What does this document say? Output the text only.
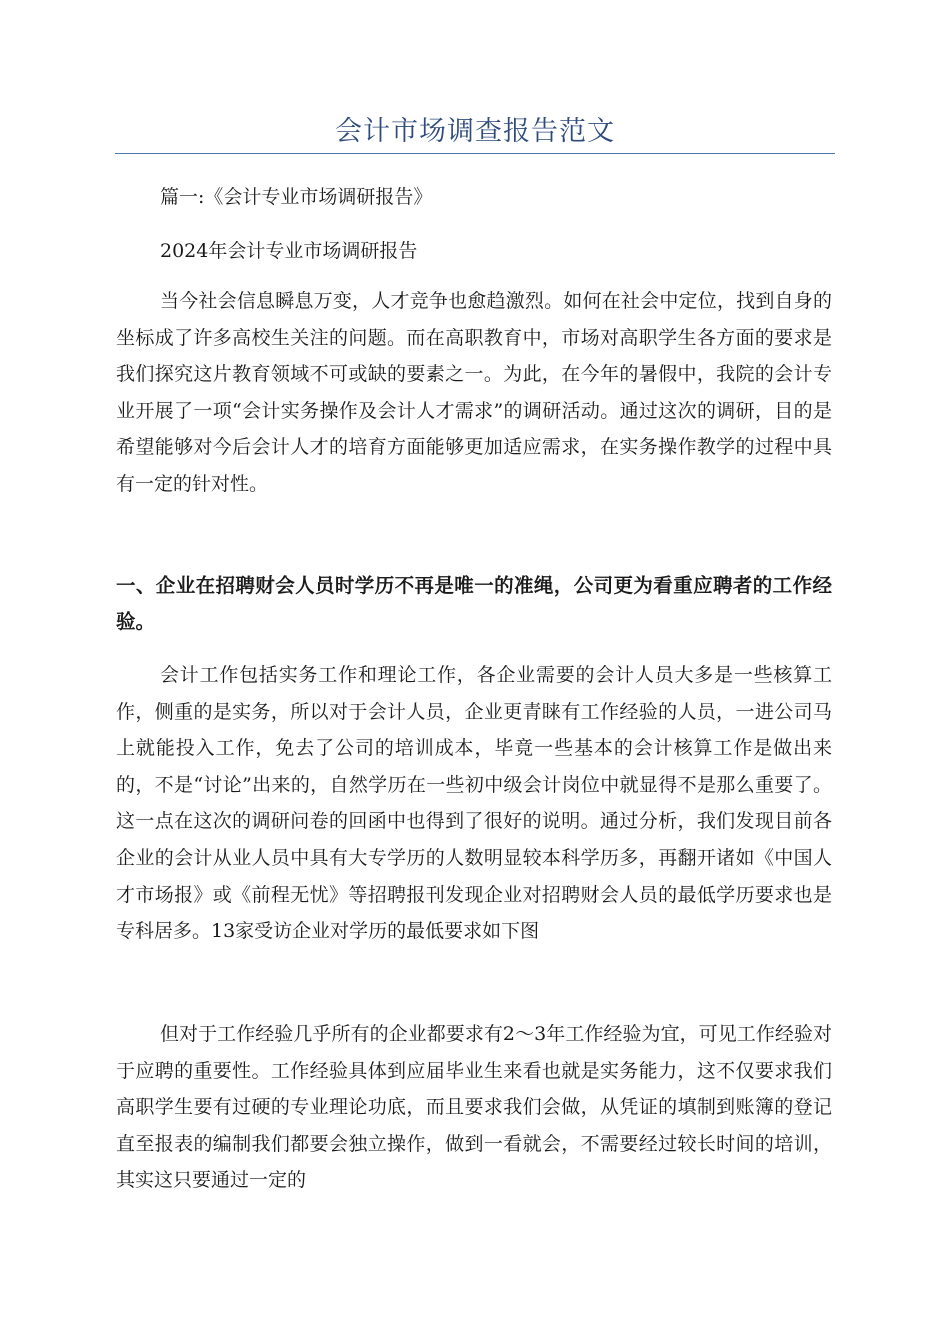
会计市场调查报告范文
篇一:《会计专业市场调研报告》
2024年会计专业市场调研报告

当今社会信息瞬息万变，人才竞争也愈趋激烈。如何在社会中定位，找到自身的坐标成了许多高校生关注的问题。而在高职教育中，市场对高职学生各方面的要求是我们探究这片教育领域不可或缺的要素之一。为此，在今年的暑假中，我院的会计专业开展了一项“会计实务操作及会计人才需求”的调研活动。通过这次的调研，目的是希望能够对今后会计人才的培育方面能够更加适应需求，在实务操作教学的过程中具有一定的针对性。

一、企业在招聘财会人员时学历不再是唯一的准绳，公司更为看重应聘者的工作经验。

会计工作包括实务工作和理论工作，各企业需要的会计人员大多是一些核算工作，侧重的是实务，所以对于会计人员，企业更青睐有工作经验的人员，一进公司马上就能投入工作，免去了公司的培训成本，毕竟一些基本的会计核算工作是做出来的，不是“讨论”出来的，自然学历在一些初中级会计岗位中就显得不是那么重要了。这一点在这次的调研问卷的回函中也得到了很好的说明。通过分析，我们发现目前各企业的会计从业人员中具有大专学历的人数明显较本科学历多，再翻开诸如《中国人才市场报》或《前程无忧》等招聘报刊发现企业对招聘财会人员的最低学历要求也是专科居多。13家受访企业对学历的最低要求如下图

但对于工作经验几乎所有的企业都要求有2～3年工作经验为宜，可见工作经验对于应聘的重要性。工作经验具体到应届毕业生来看也就是实务能力，这不仅要求我们高职学生要有过硬的专业理论功底，而且要求我们会做，从凭证的填制到账簿的登记直至报表的编制我们都要会独立操作，做到一看就会，不需要经过较长时间的培训，其实这只要通过一定的
